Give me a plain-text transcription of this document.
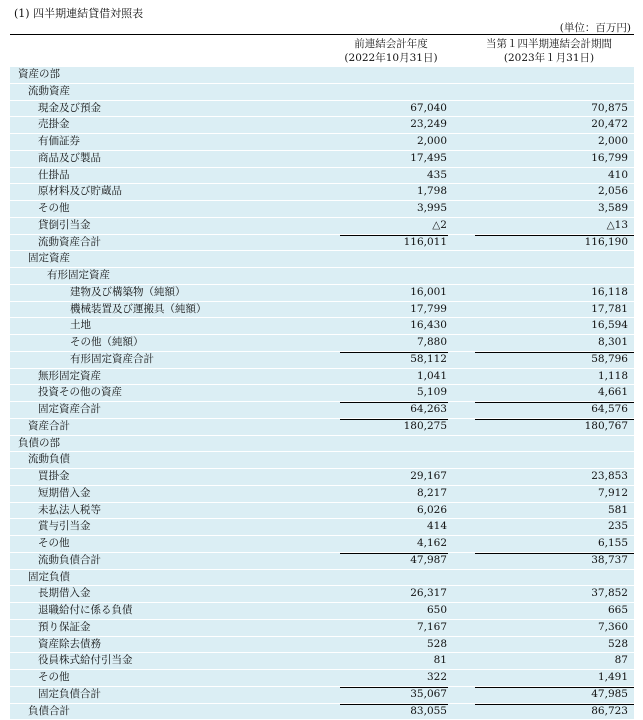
(1) 四半期連結貸借対照表
(単位：百万円)
前連結会計年度
(2022年10月31日)
当第１四半期連結会計期間
(2023年１月31日)
資産の部
流動資産
現金及び預金	67,040	70,875
売掛金	23,249	20,472
有価証券	2,000	2,000
商品及び製品	17,495	16,799
仕掛品	435	410
原材料及び貯蔵品	1,798	2,056
その他	3,995	3,589
貸倒引当金	△2	△13
流動資産合計	116,011	116,190
固定資産
有形固定資産
建物及び構築物（純額）	16,001	16,118
機械装置及び運搬具（純額）	17,799	17,781
土地	16,430	16,594
その他（純額）	7,880	8,301
有形固定資産合計	58,112	58,796
無形固定資産	1,041	1,118
投資その他の資産	5,109	4,661
固定資産合計	64,263	64,576
資産合計	180,275	180,767
負債の部
流動負債
買掛金	29,167	23,853
短期借入金	8,217	7,912
未払法人税等	6,026	581
賞与引当金	414	235
その他	4,162	6,155
流動負債合計	47,987	38,737
固定負債
長期借入金	26,317	37,852
退職給付に係る負債	650	665
預り保証金	7,167	7,360
資産除去債務	528	528
役員株式給付引当金	81	87
その他	322	1,491
固定負債合計	35,067	47,985
負債合計	83,055	86,723
